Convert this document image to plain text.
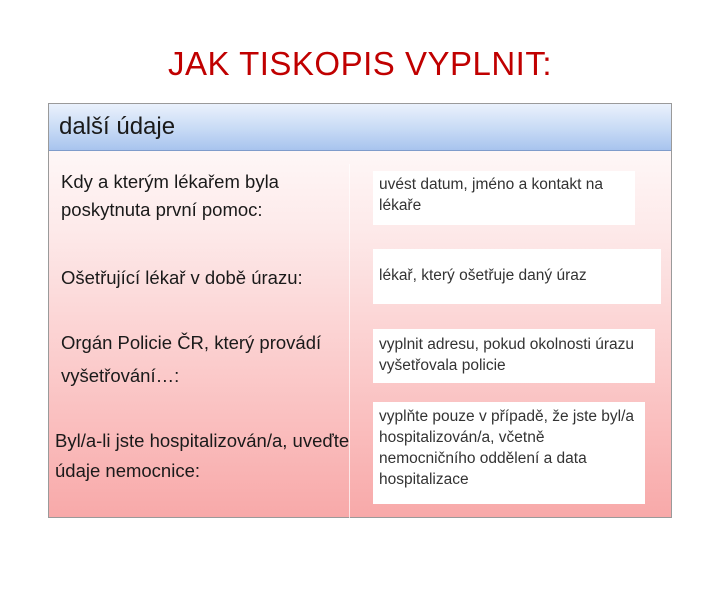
JAK TISKOPIS VYPLNIT:
další údaje
Kdy a kterým lékařem byla poskytnuta první pomoc:
uvést datum, jméno a kontakt na lékaře
Ošetřující lékař v době úrazu:	lékař, který ošetřuje daný úraz
Orgán Policie ČR, který provádí vyšetřování…:
vyplnit adresu, pokud okolnosti úrazu vyšetřovala policie
Byl/a-li jste hospitalizován/a, uveďte údaje nemocnice:
vyplňte pouze v případě, že jste byl/a hospitalizován/a, včetně nemocničního oddělení a data hospitalizace
